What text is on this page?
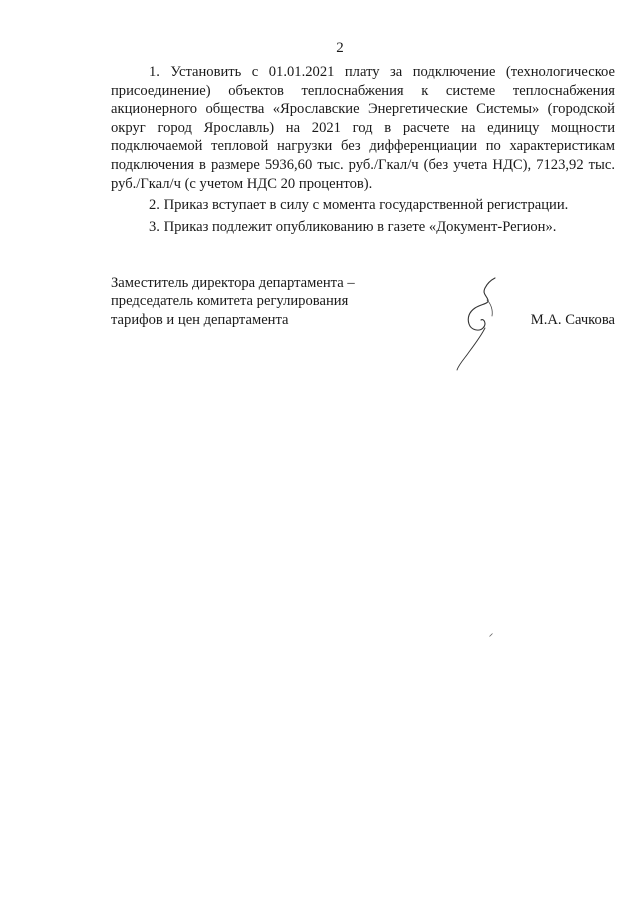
2

1. Установить с 01.01.2021 плату за подключение (технологическое присоединение) объектов теплоснабжения к системе теплоснабжения акционерного общества «Ярославские Энергетические Системы» (городской округ город Ярославль) на 2021 год в расчете на единицу мощности подключаемой тепловой нагрузки без дифференциации по характеристикам подключения в размере 5936,60 тыс. руб./Гкал/ч (без учета НДС), 7123,92 тыс. руб./Гкал/ч (с учетом НДС 20 процентов).

2. Приказ вступает в силу с момента государственной регистрации.

3. Приказ подлежит опубликованию в газете «Документ-Регион».

Заместитель директора департамента –
председатель комитета регулирования
тарифов и цен департамента	М.А. Сачкова
